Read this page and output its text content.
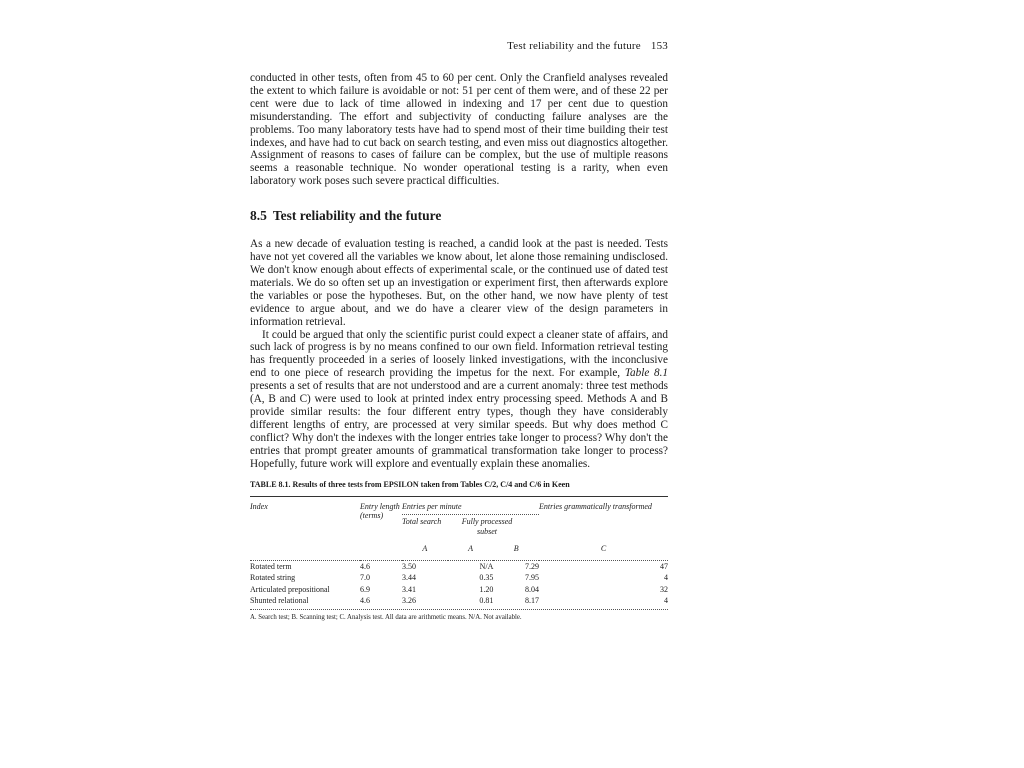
Test reliability and the future 153

conducted in other tests, often from 45 to 60 per cent. Only the Cranfield analyses revealed the extent to which failure is avoidable or not: 51 per cent of them were, and of these 22 per cent were due to lack of time allowed in indexing and 17 per cent due to question misunderstanding. The effort and subjectivity of conducting failure analyses are the problems. Too many laboratory tests have had to spend most of their time building their test indexes, and have had to cut back on search testing, and even miss out diagnostics altogether. Assignment of reasons to cases of failure can be complex, but the use of multiple reasons seems a reasonable technique. No wonder operational testing is a rarity, when even laboratory work poses such severe practical difficulties.

8.5 Test reliability and the future

As a new decade of evaluation testing is reached, a candid look at the past is needed. Tests have not yet covered all the variables we know about, let alone those remaining undisclosed. We don't know enough about effects of experimental scale, or the continued use of dated test materials. We do so often set up an investigation or experiment first, then afterwards explore the variables or pose the hypotheses. But, on the other hand, we now have plenty of test evidence to argue about, and we do have a clearer view of the design parameters in information retrieval.

It could be argued that only the scientific purist could expect a cleaner state of affairs, and such lack of progress is by no means confined to our own field. Information retrieval testing has frequently proceeded in a series of loosely linked investigations, with the inconclusive end to one piece of research providing the impetus for the next. For example, Table 8.1 presents a set of results that are not understood and are a current anomaly: three test methods (A, B and C) were used to look at printed index entry processing speed. Methods A and B provide similar results: the four different entry types, though they have considerably different lengths of entry, are processed at very similar speeds. But why does method C conflict? Why don't the indexes with the longer entries take longer to process? Why don't the entries that prompt greater amounts of grammatical transformation take longer to process? Hopefully, future work will explore and eventually explain these anomalies.

TABLE 8.1. Results of three tests from EPSILON taken from Tables C/2, C/4 and C/6 in Keen
Index	Entry length (terms)	Entries per minute
Total search Fully processed subset			Entries grammatically transformed
		A	A	B	C

Rotated term	4.6	3.50	N/A	7.29	47
Rotated string	7.0	3.44	0.35	7.95	4
Articulated prepositional	6.9	3.41	1.20	8.04	32
Shunted relational	4.6	3.26	0.81	8.17	4
A. Search test; B. Scanning test; C. Analysis test. All data are arithmetic means. N/A. Not available.
